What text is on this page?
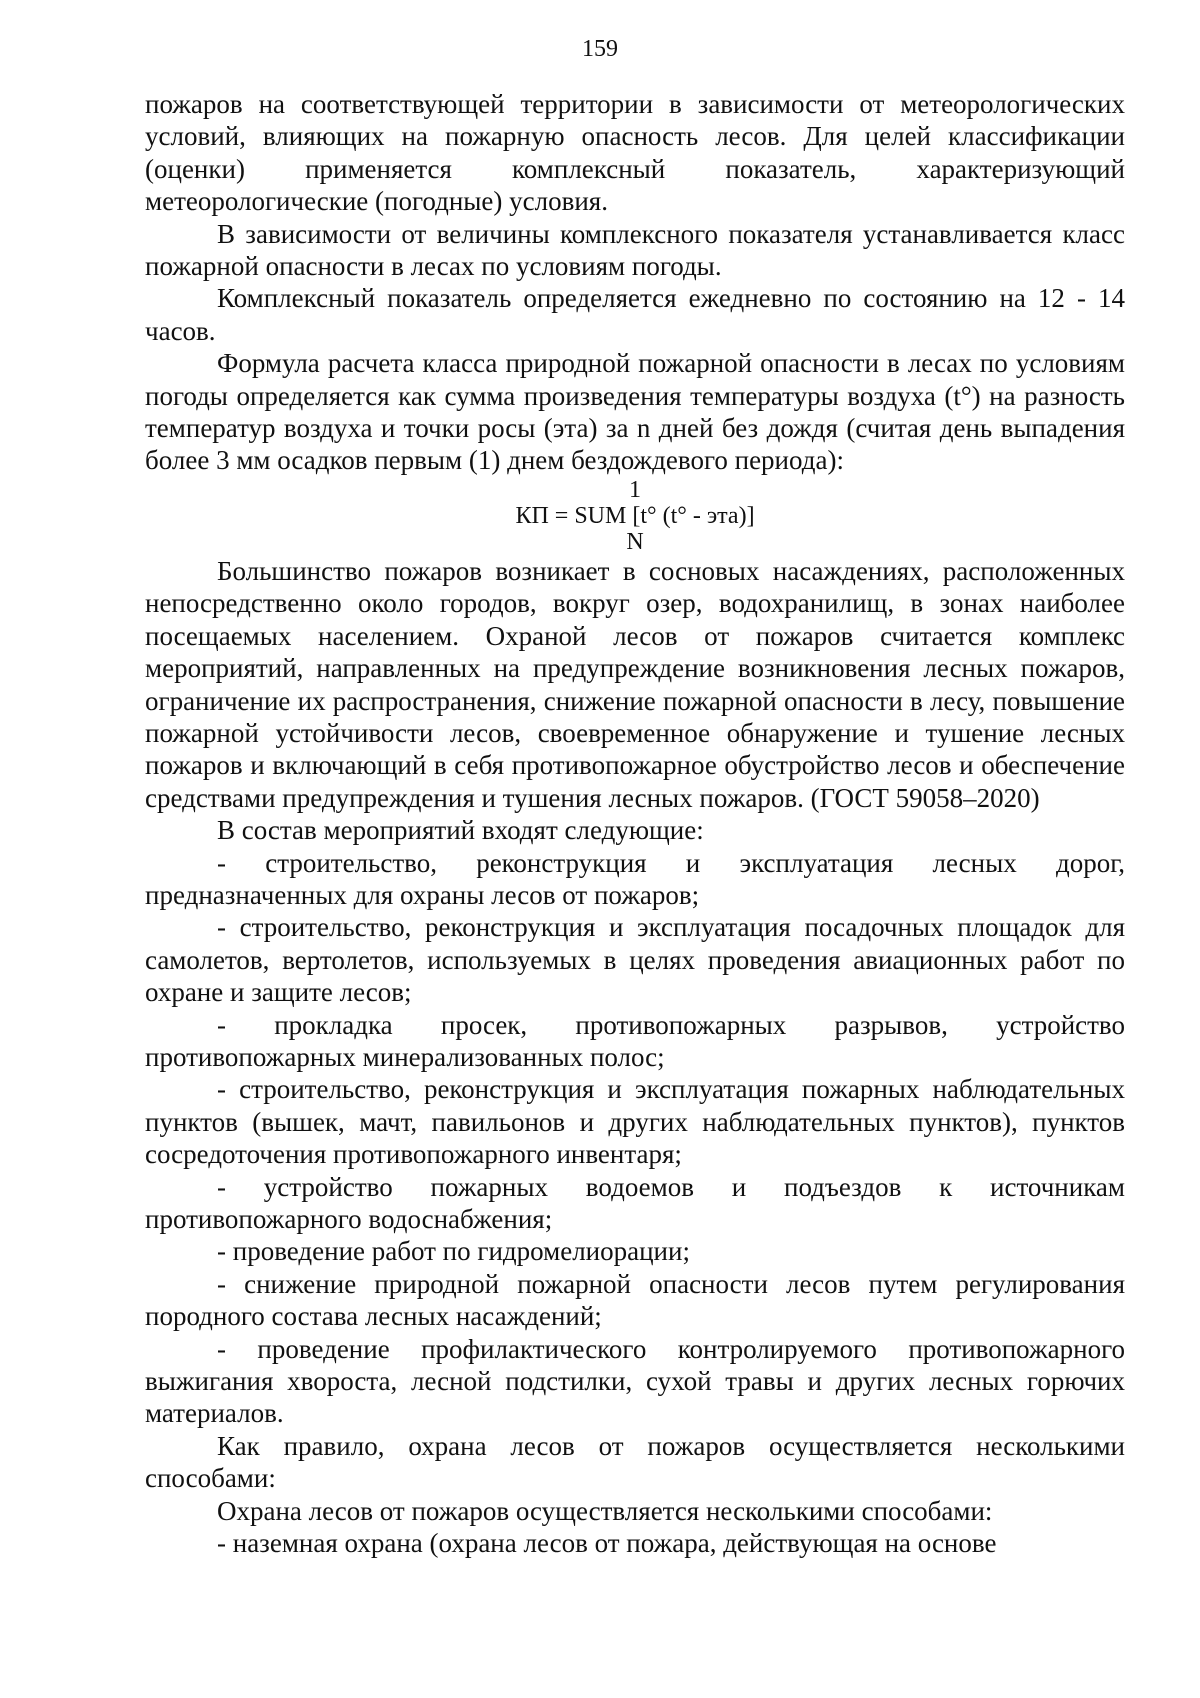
159

пожаров на соответствующей территории в зависимости от метеорологических условий, влияющих на пожарную опасность лесов. Для целей классификации (оценки) применяется комплексный показатель, характеризующий метеорологические (погодные) условия.

В зависимости от величины комплексного показателя устанавливается класс пожарной опасности в лесах по условиям погоды.

Комплексный показатель определяется ежедневно по состоянию на 12 - 14 часов.

Формула расчета класса природной пожарной опасности в лесах по условиям погоды определяется как сумма произведения температуры воздуха (t°) на разность температур воздуха и точки росы (эта) за n дней без дождя (считая день выпадения более 3 мм осадков первым (1) днем бездождевого периода):

1
КП = SUM [t° (t° - эта)]
N

Большинство пожаров возникает в сосновых насаждениях, расположенных непосредственно около городов, вокруг озер, водохранилищ, в зонах наиболее посещаемых населением. Охраной лесов от пожаров считается комплекс мероприятий, направленных на предупреждение возникновения лесных пожаров, ограничение их распространения, снижение пожарной опасности в лесу, повышение пожарной устойчивости лесов, своевременное обнаружение и тушение лесных пожаров и включающий в себя противопожарное обустройство лесов и обеспечение средствами предупреждения и тушения лесных пожаров. (ГОСТ 59058–2020)

В состав мероприятий входят следующие:

- строительство, реконструкция и эксплуатация лесных дорог, предназначенных для охраны лесов от пожаров;

- строительство, реконструкция и эксплуатация посадочных площадок для самолетов, вертолетов, используемых в целях проведения авиационных работ по охране и защите лесов;

- прокладка просек, противопожарных разрывов, устройство противопожарных минерализованных полос;

- строительство, реконструкция и эксплуатация пожарных наблюдательных пунктов (вышек, мачт, павильонов и других наблюдательных пунктов), пунктов сосредоточения противопожарного инвентаря;

- устройство пожарных водоемов и подъездов к источникам противопожарного водоснабжения;

- проведение работ по гидромелиорации;

- снижение природной пожарной опасности лесов путем регулирования породного состава лесных насаждений;

- проведение профилактического контролируемого противопожарного выжигания хвороста, лесной подстилки, сухой травы и других лесных горючих материалов.

Как правило, охрана лесов от пожаров осуществляется несколькими способами:

Охрана лесов от пожаров осуществляется несколькими способами:

- наземная охрана (охрана лесов от пожара, действующая на основе
